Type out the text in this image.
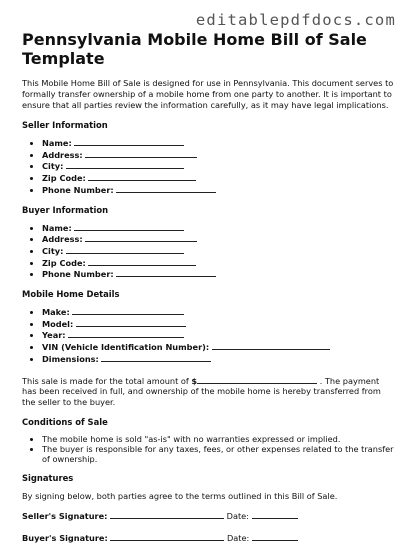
editablepdfdocs.com
Pennsylvania Mobile Home Bill of Sale Template

This Mobile Home Bill of Sale is designed for use in Pennsylvania. This document serves to formally transfer ownership of a mobile home from one party to another. It is important to ensure that all parties review the information carefully, as it may have legal implications.

Seller Information
• Name:
• Address:
• City:
• Zip Code:
• Phone Number:
Buyer Information
• Name:
• Address:
• City:
• Zip Code:
• Phone Number:
Mobile Home Details
• Make:
• Model:
• Year:
• VIN (Vehicle Identification Number):
• Dimensions:

This sale is made for the total amount of $	. The payment has been received in full, and ownership of the mobile home is hereby transferred from the seller to the buyer.

Conditions of Sale
• The mobile home is sold "as-is" with no warranties expressed or implied.
• The buyer is responsible for any taxes, fees, or other expenses related to the transfer of ownership.
Signatures

By signing below, both parties agree to the terms outlined in this Bill of Sale.

Seller's Signature:	Date:

Buyer's Signature:	Date:
